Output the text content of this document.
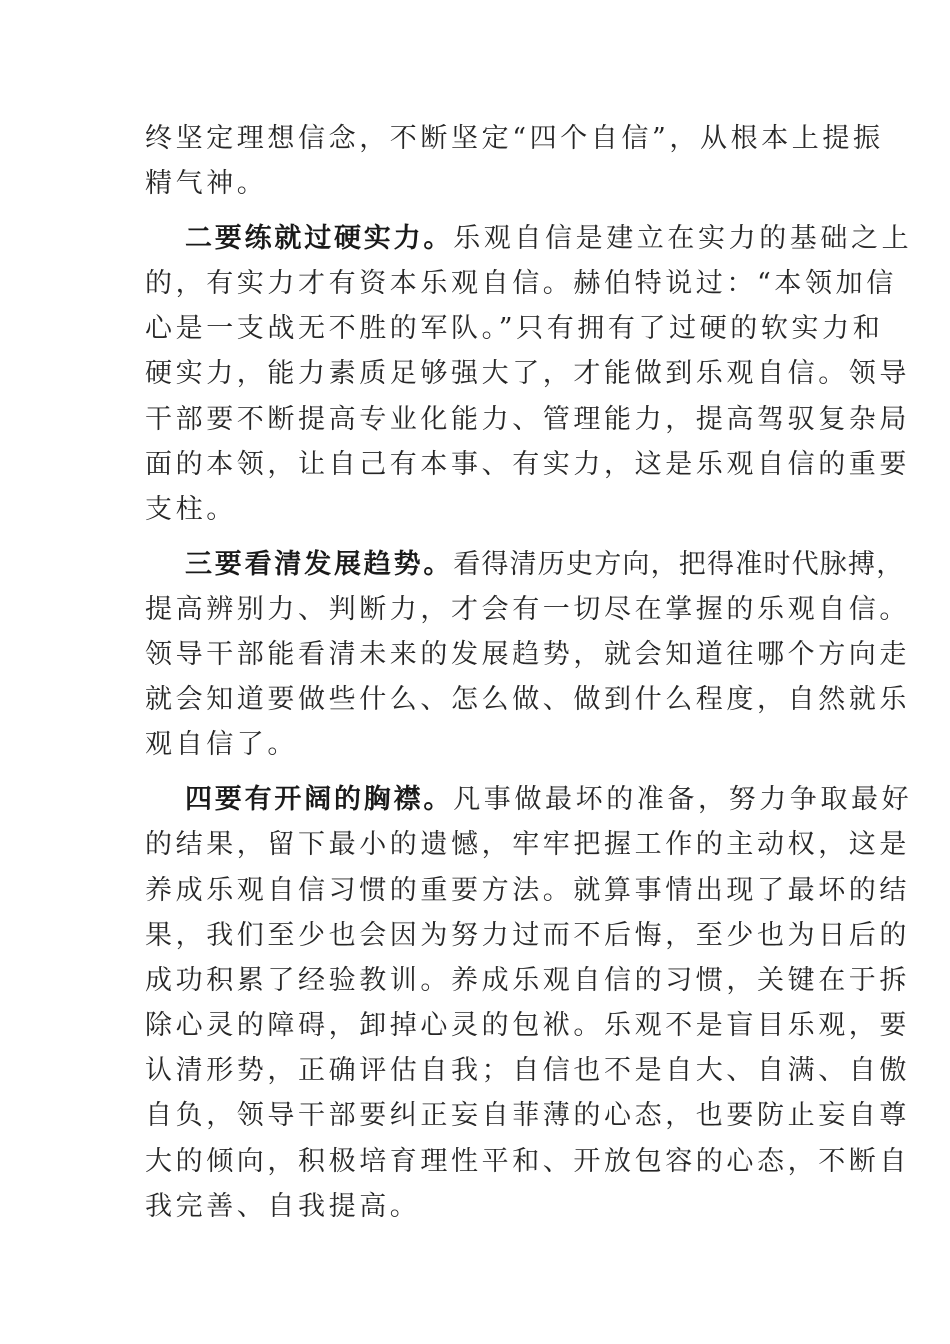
终坚定理想信念，不断坚定“四个自信”，从根本上提振
精气神。
二要练就过硬实力。乐观自信是建立在实力的基础之上
的，有实力才有资本乐观自信。赫伯特说过：“本领加信
心是一支战无不胜的军队。”只有拥有了过硬的软实力和
硬实力，能力素质足够强大了，才能做到乐观自信。领导
干部要不断提高专业化能力、管理能力，提高驾驭复杂局
面的本领，让自己有本事、有实力，这是乐观自信的重要
支柱。
三要看清发展趋势。看得清历史方向，把得准时代脉搏，
提高辨别力、判断力，才会有一切尽在掌握的乐观自信。
领导干部能看清未来的发展趋势，就会知道往哪个方向走
就会知道要做些什么、怎么做、做到什么程度，自然就乐
观自信了。
四要有开阔的胸襟。凡事做最坏的准备，努力争取最好
的结果，留下最小的遗憾，牢牢把握工作的主动权，这是
养成乐观自信习惯的重要方法。就算事情出现了最坏的结
果，我们至少也会因为努力过而不后悔，至少也为日后的
成功积累了经验教训。养成乐观自信的习惯，关键在于拆
除心灵的障碍，卸掉心灵的包袱。乐观不是盲目乐观，要
认清形势，正确评估自我；自信也不是自大、自满、自傲
自负，领导干部要纠正妄自菲薄的心态，也要防止妄自尊
大的倾向，积极培育理性平和、开放包容的心态，不断自
我完善、自我提高。
